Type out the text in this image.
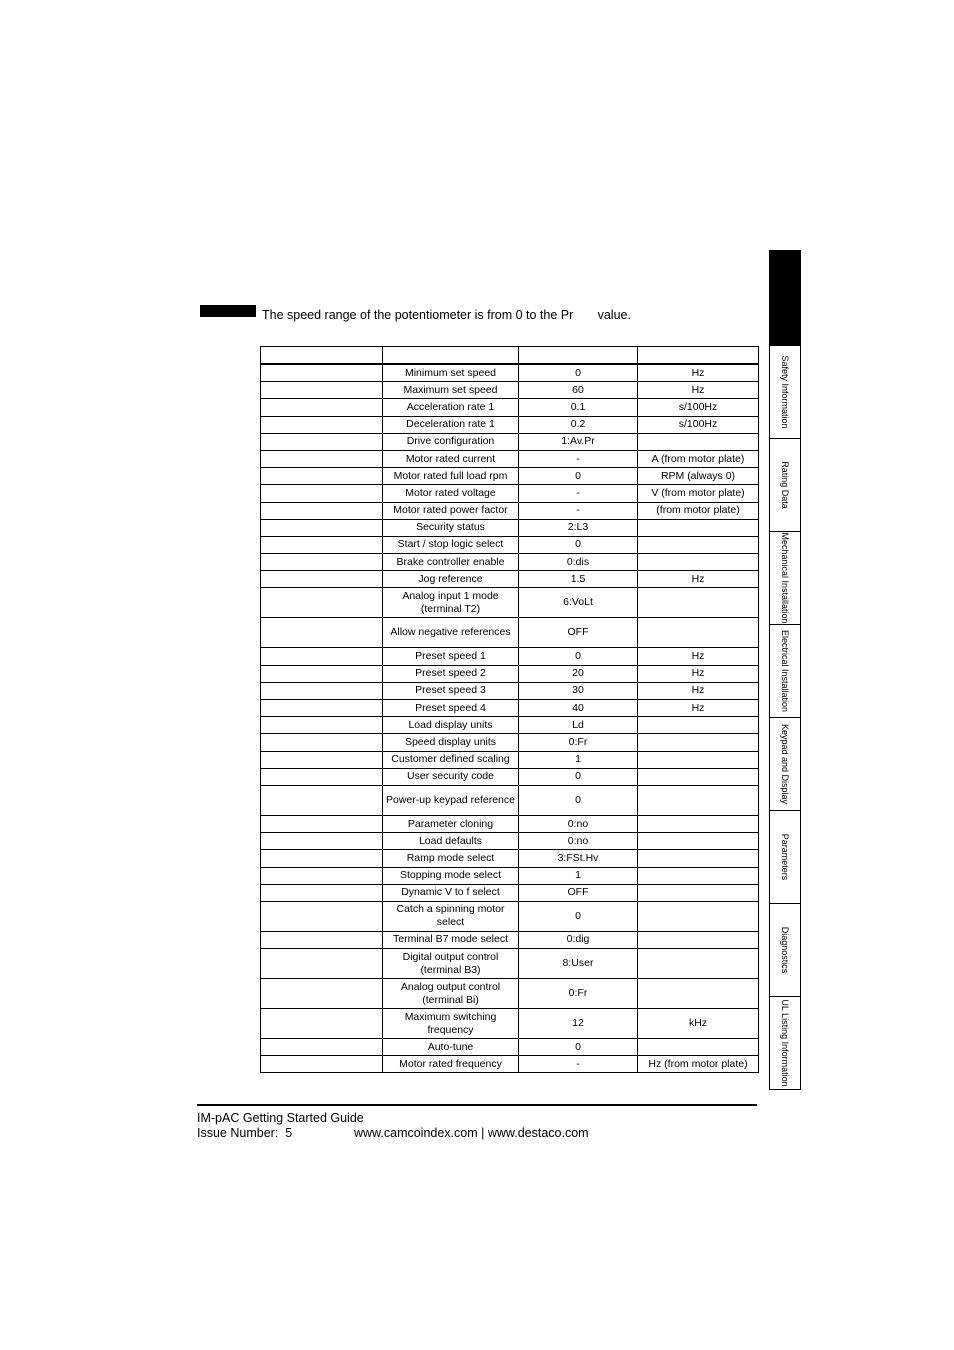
The speed range of the potentiometer is from 0 to the Pr       value.

	Minimum set speed	0	Hz
	Maximum set speed	60	Hz
	Acceleration rate 1	0.1	s/100Hz
	Deceleration rate 1	0.2	s/100Hz
	Drive configuration	1:Av.Pr	
	Motor rated current	-	A (from motor plate)
	Motor rated full load rpm	0	RPM (always 0)
	Motor rated voltage	-	V (from motor plate)
	Motor rated power factor	-	(from motor plate)
	Security status	2:L3	
	Start / stop logic select	0	
	Brake controller enable	0:dis	
	Jog reference	1.5	Hz
	Analog input 1 mode (terminal T2)	6:VoLt	
	Allow negative references	OFF	
	Preset speed 1	0	Hz
	Preset speed 2	20	Hz
	Preset speed 3	30	Hz
	Preset speed 4	40	Hz
	Load display units	Ld	
	Speed display units	0:Fr	
	Customer defined scaling	1	
	User security code	0	
	Power-up keypad reference	0	
	Parameter cloning	0:no	
	Load defaults	0:no	
	Ramp mode select	3:FSt.Hv	
	Stopping mode select	1	
	Dynamic V to f select	OFF	
	Catch a spinning motor select	0	
	Terminal B7 mode select	0:dig	
	Digital output control (terminal B3)	8:User	
	Analog output control (terminal Bi)	0:Fr	
	Maximum switching frequency	12	kHz
	Auto-tune	0	
	Motor rated frequency	-	Hz (from motor plate)
Safety Information
Rating Data
Mechanical Installation
Electrical Installation
Keypad and Display
Parameters
Diagnostics
UL Listing Information
IM-pAC Getting Started Guide
Issue Number:  5	www.camcoindex.com | www.destaco.com
